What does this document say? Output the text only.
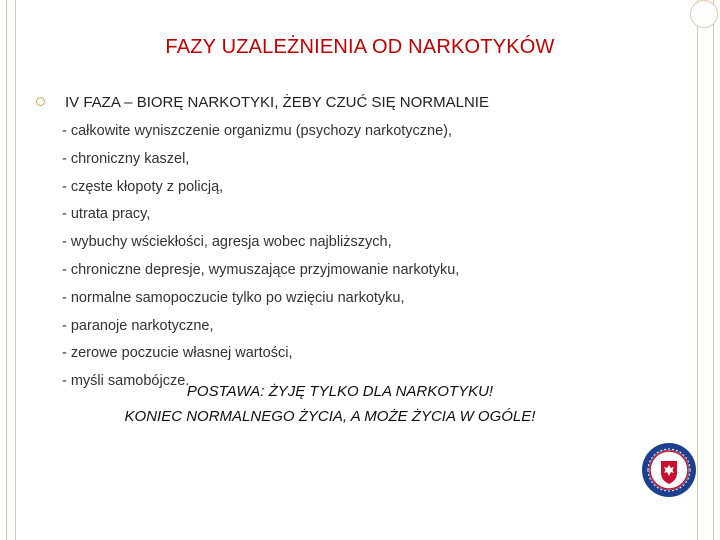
FAZY UZALEŻNIENIA OD NARKOTYKÓW
IV FAZA – BIORĘ NARKOTYKI, ŻEBY CZUĆ SIĘ NORMALNIE
- całkowite wyniszczenie organizmu (psychozy narkotyczne),
- chroniczny kaszel,
- częste kłopoty z policją,
- utrata pracy,
- wybuchy wściekłości, agresja wobec najbliższych,
- chroniczne depresje, wymuszające przyjmowanie narkotyku,
- normalne samopoczucie tylko po wzięciu narkotyku,
- paranoje narkotyczne,
- zerowe poczucie własnej wartości,
- myśli samobójcze.
POSTAWA: ŻYJĘ TYLKO DLA NARKOTYKU!
KONIEC NORMALNEGO ŻYCIA, A MOŻE ŻYCIA W OGÓLE!
